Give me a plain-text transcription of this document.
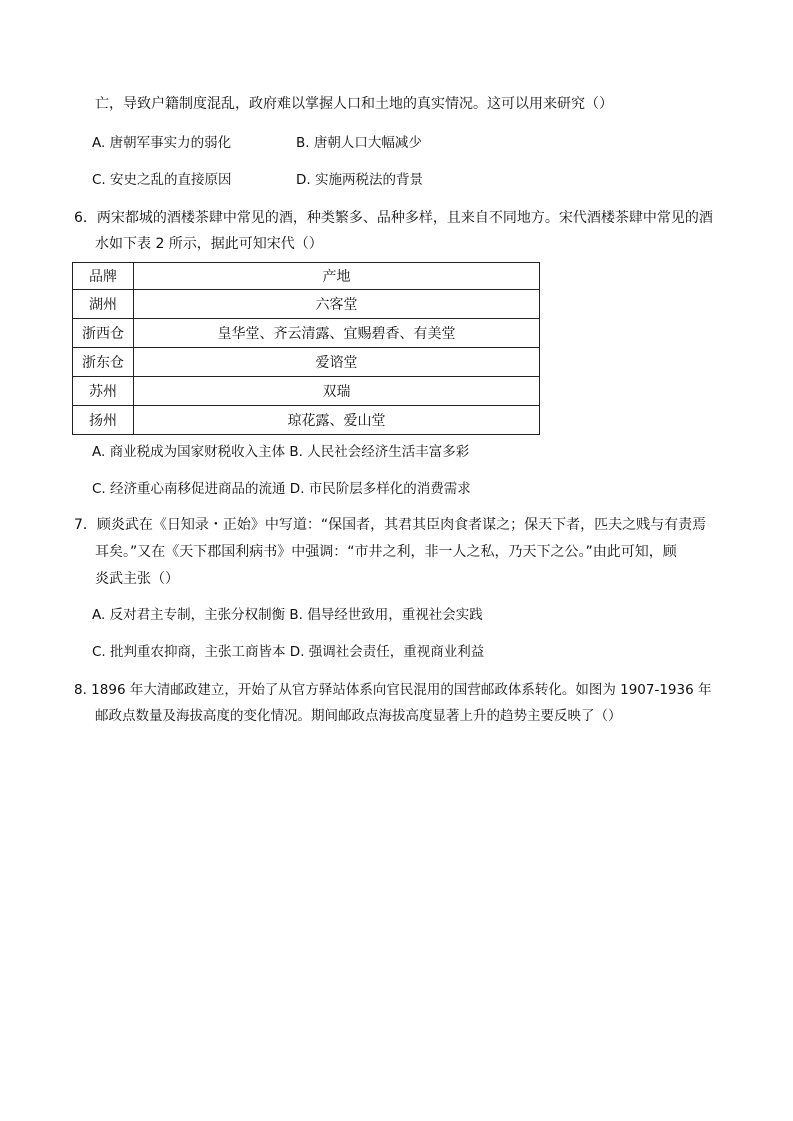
亡，导致户籍制度混乱，政府难以掌握人口和土地的真实情况。这可以用来研究（）
A. 唐朝军事实力的弱化	B. 唐朝人口大幅减少
C. 安史之乱的直接原因	D. 实施两税法的背景
6．两宋都城的酒楼茶肆中常见的酒，种类繁多、品种多样，且来自不同地方。宋代酒楼茶肆中常见的酒
水如下表 2 所示，据此可知宋代（）
品牌	产地
湖州	六客堂
浙西仓	皇华堂、齐云清露、宜赐碧香、有美堂
浙东仓	爱谘堂
苏州	双瑞
扬州	琼花露、爱山堂
A. 商业税成为国家财税收入主体 B. 人民社会经济生活丰富多彩
C. 经济重心南移促进商品的流通 D. 市民阶层多样化的消费需求
7．顾炎武在《日知录・正始》中写道：“保国者，其君其臣肉食者谋之；保天下者，匹夫之贱与有责焉
耳矣。”又在《天下郡国利病书》中强调：“市井之利，非一人之私，乃天下之公。”由此可知，顾
炎武主张（）
A. 反对君主专制，主张分权制衡 B. 倡导经世致用，重视社会实践
C. 批判重农抑商，主张工商皆本 D. 强调社会责任，重视商业利益
8. 1896 年大清邮政建立，开始了从官方驿站体系向官民混用的国营邮政体系转化。如图为 1907-1936 年
邮政点数量及海拔高度的变化情况。期间邮政点海拔高度显著上升的趋势主要反映了（）
